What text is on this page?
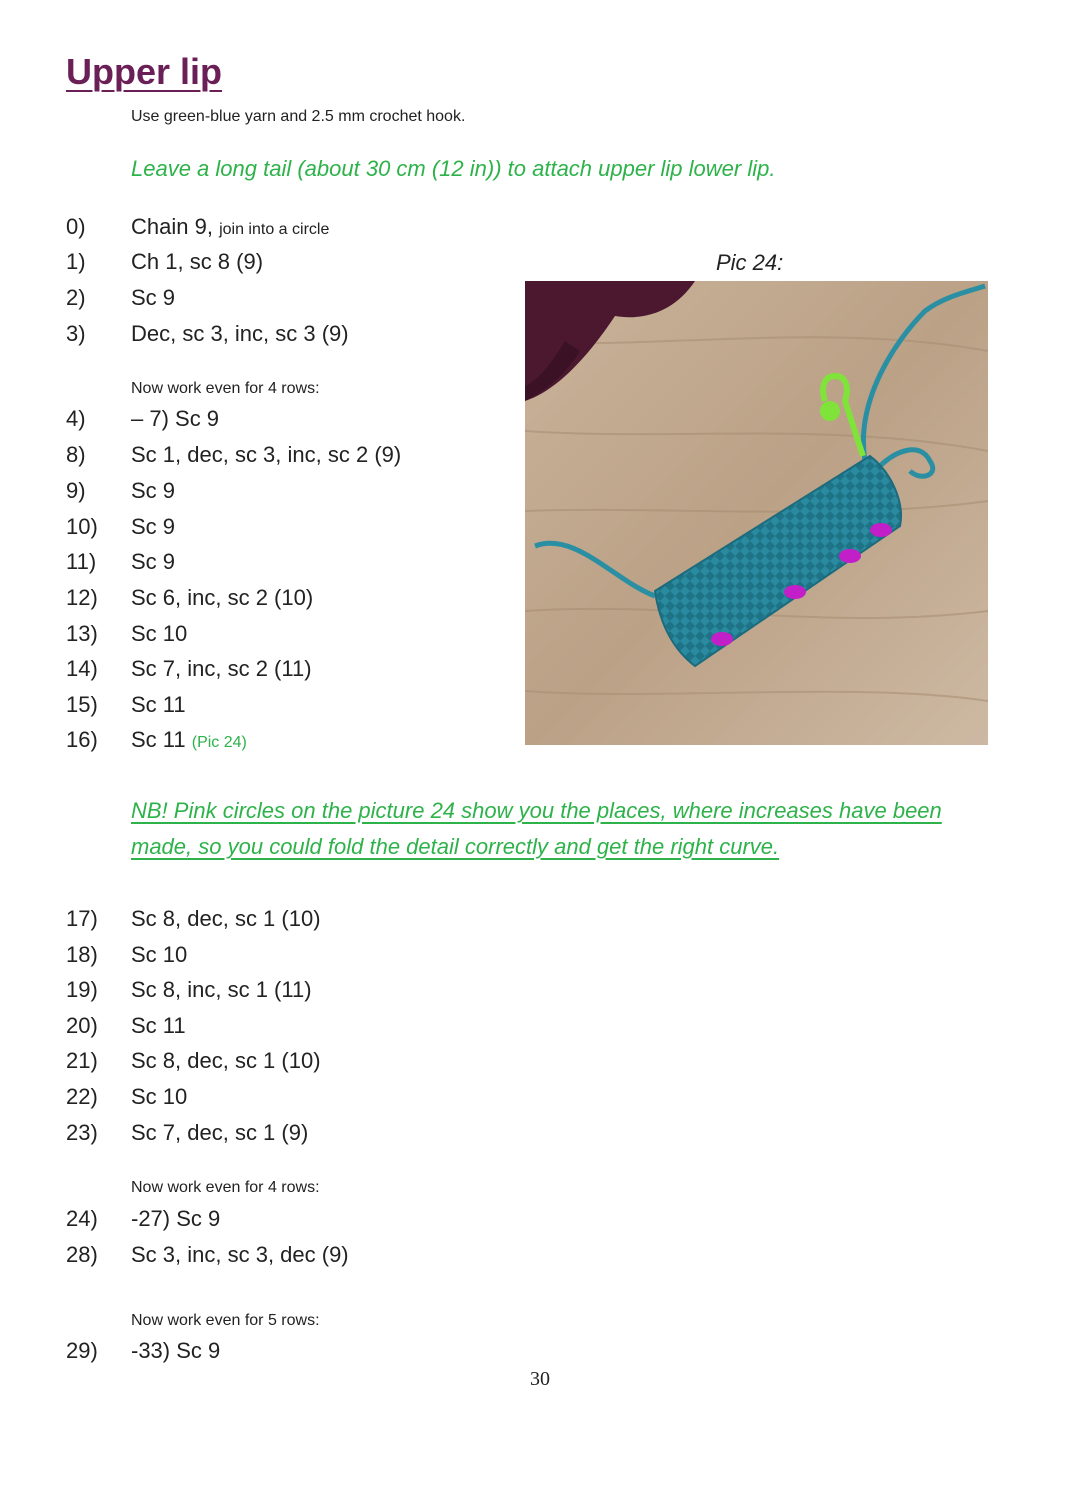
Upper lip
Use green-blue yarn and 2.5 mm crochet hook.
Leave a long tail (about 30 cm (12 in)) to attach upper lip lower lip.
0)	Chain 9, join into a circle
1)	Ch 1, sc 8 (9)
2)	Sc 9
3)	Dec, sc 3, inc, sc 3 (9)
Now work even for 4 rows:
4)	– 7) Sc 9
8)	Sc 1, dec, sc 3, inc, sc 2 (9)
9)	Sc 9
10)	Sc 9
11)	Sc 9
12)	Sc 6, inc, sc 2 (10)
13)	Sc 10
14)	Sc 7, inc, sc 2 (11)
15)	Sc 11
16)	Sc 11 (Pic 24)
Pic 24:
NB! Pink circles on the picture 24 show you the places, where increases have been made, so you could fold the detail correctly and get the right curve.
17)	Sc 8, dec, sc 1 (10)
18)	Sc 10
19)	Sc 8, inc, sc 1 (11)
20)	Sc 11
21)	Sc 8, dec, sc 1 (10)
22)	Sc 10
23)	Sc 7, dec, sc 1 (9)
Now work even for 4 rows:
24)	-27) Sc 9
28)	Sc 3, inc, sc 3, dec (9)
Now work even for 5 rows:
29)	-33) Sc 9
30
